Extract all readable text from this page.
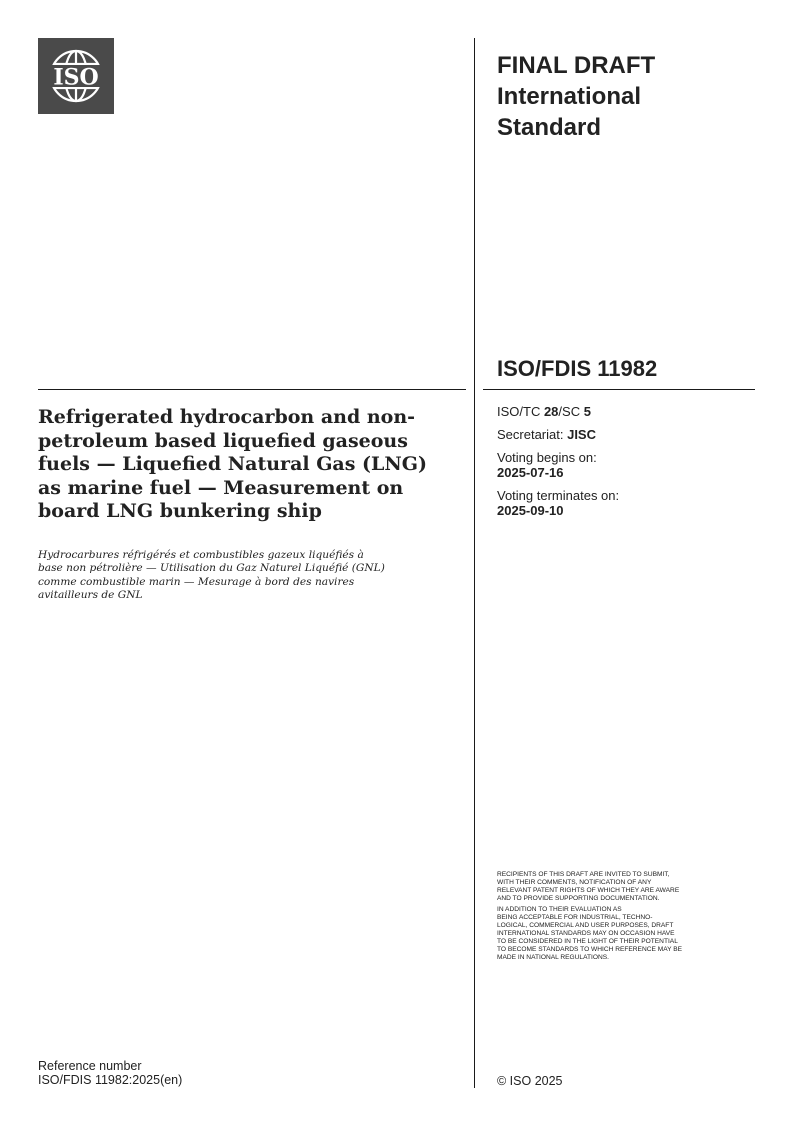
ISO	FINAL DRAFT
International
Standard
ISO/FDIS 11982
Refrigerated hydrocarbon and non-
petroleum based liquefied gaseous
fuels — Liquefied Natural Gas (LNG)
as marine fuel — Measurement on
board LNG bunkering ship
Hydrocarbures réfrigérés et combustibles gazeux liquéfiés à
base non pétrolière — Utilisation du Gaz Naturel Liquéfié (GNL)
comme combustible marin — Mesurage à bord des navires
avitailleurs de GNL
ISO/TC 28/SC 5
Secretariat: JISC
Voting begins on:
2025-07-16
Voting terminates on:
2025-09-10

RECIPIENTS OF THIS DRAFT ARE INVITED TO SUBMIT,
WITH THEIR COMMENTS, NOTIFICATION OF ANY
RELEVANT PATENT RIGHTS OF WHICH THEY ARE AWARE
AND TO PROVIDE SUPPORTING DOCUMENTATION.

IN ADDITION TO THEIR EVALUATION AS
BEING ACCEPTABLE FOR INDUSTRIAL, TECHNO-
LOGICAL, COMMERCIAL AND USER PURPOSES, DRAFT
INTERNATIONAL STANDARDS MAY ON OCCASION HAVE
TO BE CONSIDERED IN THE LIGHT OF THEIR POTENTIAL
TO BECOME STANDARDS TO WHICH REFERENCE MAY BE
MADE IN NATIONAL REGULATIONS.

Reference number
ISO/FDIS 11982:2025(en)	© ISO 2025
